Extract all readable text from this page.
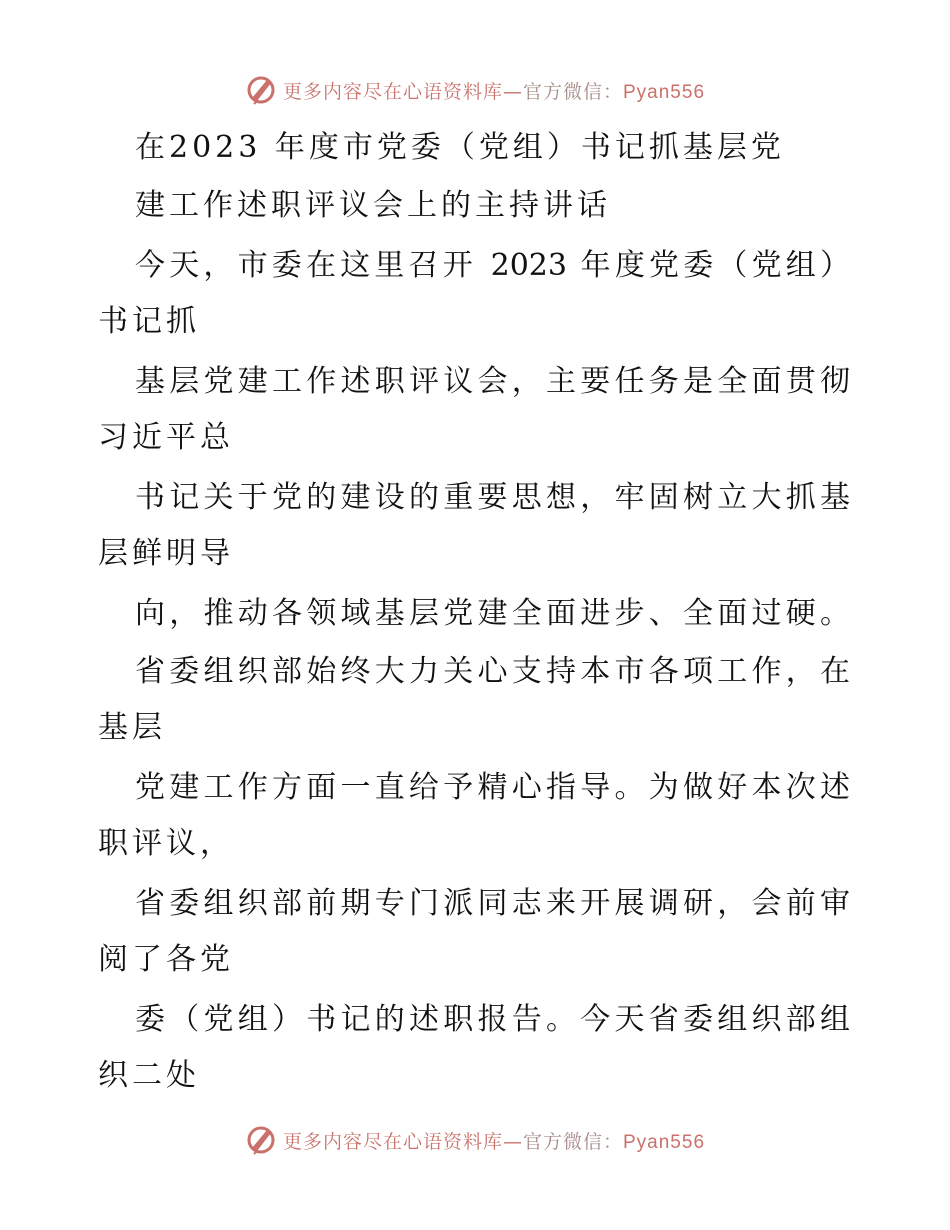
更多内容尽在心语资料库—官方微信：Pyan556
在2023 年度市党委（党组）书记抓基层党
建工作述职评议会上的主持讲话
今天，市委在这里召开 2023 年度党委（党组）
书记抓
基层党建工作述职评议会，主要任务是全面贯彻
习近平总
书记关于党的建设的重要思想，牢固树立大抓基
层鲜明导
向，推动各领域基层党建全面进步、全面过硬。
省委组织部始终大力关心支持本市各项工作，在
基层
党建工作方面一直给予精心指导。为做好本次述
职评议，
省委组织部前期专门派同志来开展调研，会前审
阅了各党
委（党组）书记的述职报告。今天省委组织部组
织二处
更多内容尽在心语资料库—官方微信：Pyan556
